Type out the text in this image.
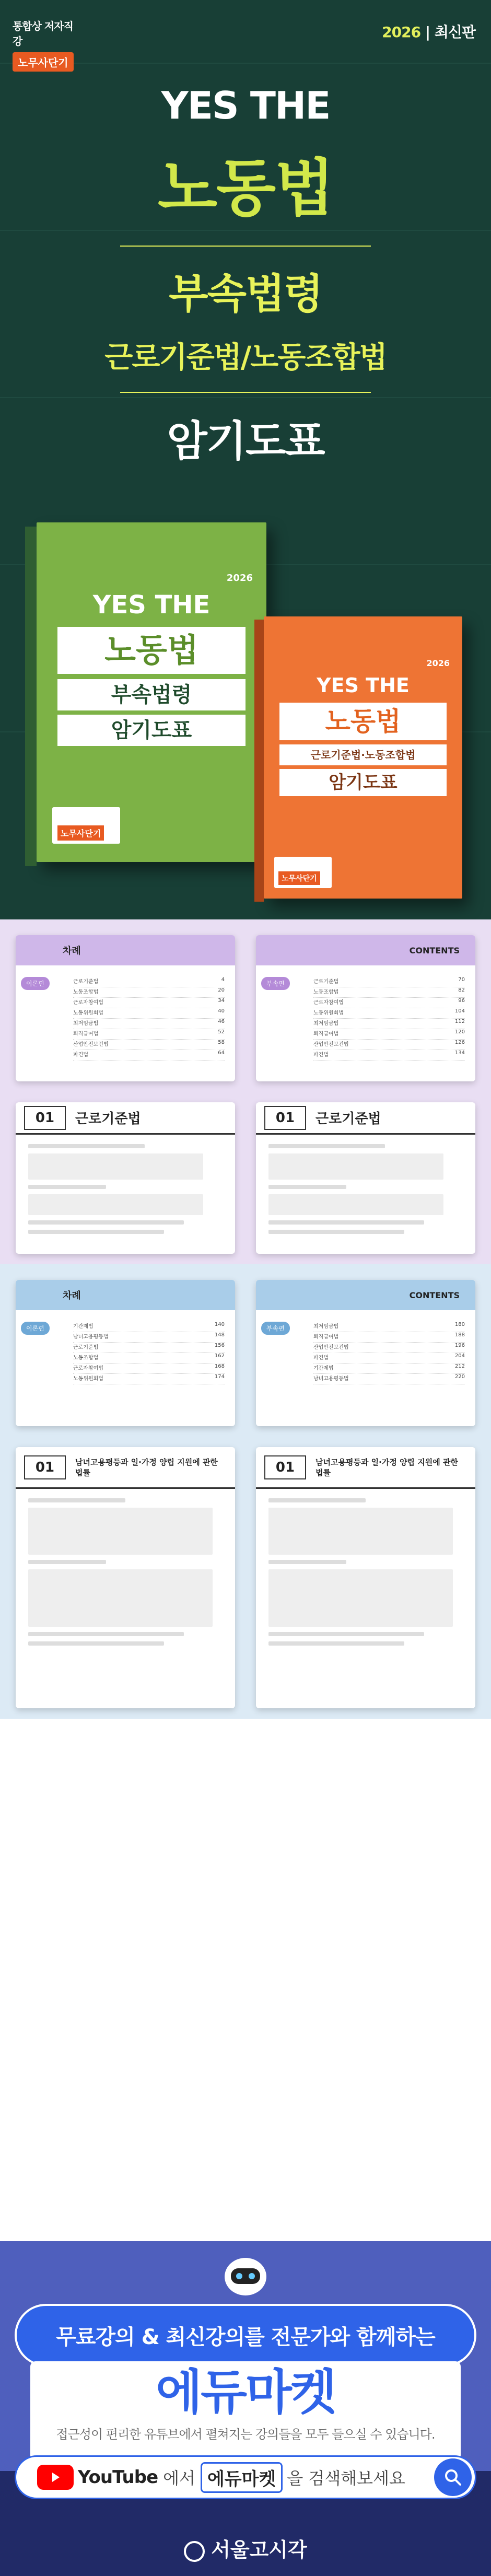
통합상 저자직강
노무사단기
2026 | 최신판
YES THE
노동법
부속법령
근로기준법/노동조합법
암기도표
2026
YES THE
노동법
부속법령
암기도표
노무사단기
2026
YES THE
노동법
근로기준법·노동조합법
암기도표
노무사단기
차례
이론편	근로기준법	4
노동조합법	20
근로자참여법	34
노동위원회법	40
최저임금법	46
퇴직급여법	52
산업안전보건법	58
파견법	64
CONTENTS
부속편	근로기준법	70
노동조합법	82
근로자참여법	96
노동위원회법	104
최저임금법	112
퇴직급여법	120
산업안전보건법	126
파견법	134
01	근로기준법	01	근로기준법
차례
이론편	기간제법	140
남녀고용평등법	148
근로기준법	156
노동조합법	162
근로자참여법	168
노동위원회법	174
CONTENTS
부속편	최저임금법	180
퇴직급여법	188
산업안전보건법	196
파견법	204
기간제법	212
남녀고용평등법	220
01	남녀고용평등과 일·가정 양립 지원에 관한 법률	01	남녀고용평등과 일·가정 양립 지원에 관한 법률
무료강의 & 최신강의를 전문가와 함께하는
에듀마켓
접근성이 편리한 유튜브에서 펼쳐지는 강의들을 모두 들으실 수 있습니다.
YouTube 에서 에듀마켓 을 검색해보세요
서울고시각
